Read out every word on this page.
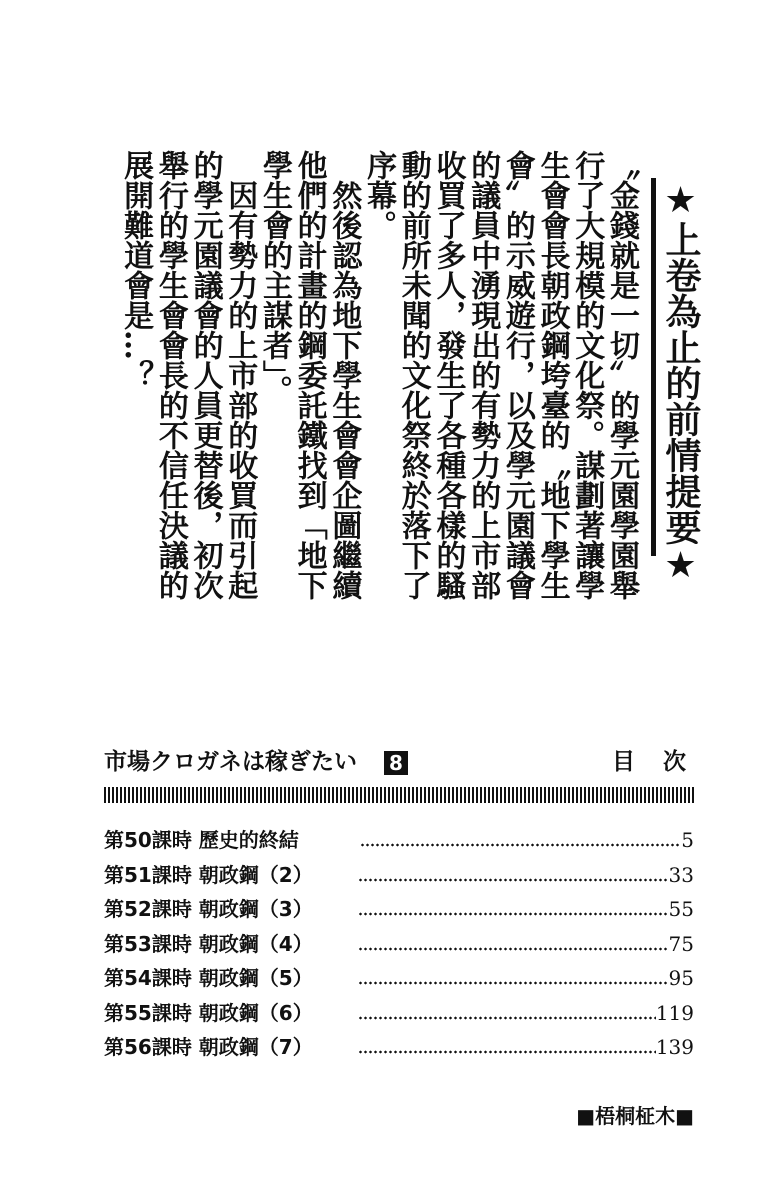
〝金錢就是一切〞的學元園學園舉
行了大規模的文化祭。謀劃著讓學
生會會長朝政鋼垮臺的〝地下學生
會〞的示威遊行，以及學元園議會
的議員中湧現出的有勢力的上市部
收買了多人，發生了各種各樣的騷
動的前所未聞的文化祭終於落下了
序幕。

　然後認為地下學生會會企圖繼續
他們的計畫的鋼委託鐵找到「地下
學生會的主謀者」。

　因有勢力的上市部的收買而引起
的學元園議會的人員更替後，初次
舉行的學生會會長的不信任決議的
展開難道會是…？	★上卷為止的前情提要★
市場クロガネは稼ぎたい 8	目次
第50課時 歷史的終結	5
第51課時 朝政鋼（2）	33
第52課時 朝政鋼（3）	55
第53課時 朝政鋼（4）	75
第54課時 朝政鋼（5）	95
第55課時 朝政鋼（6）	119
第56課時 朝政鋼（7）	139
■梧桐柾木■
